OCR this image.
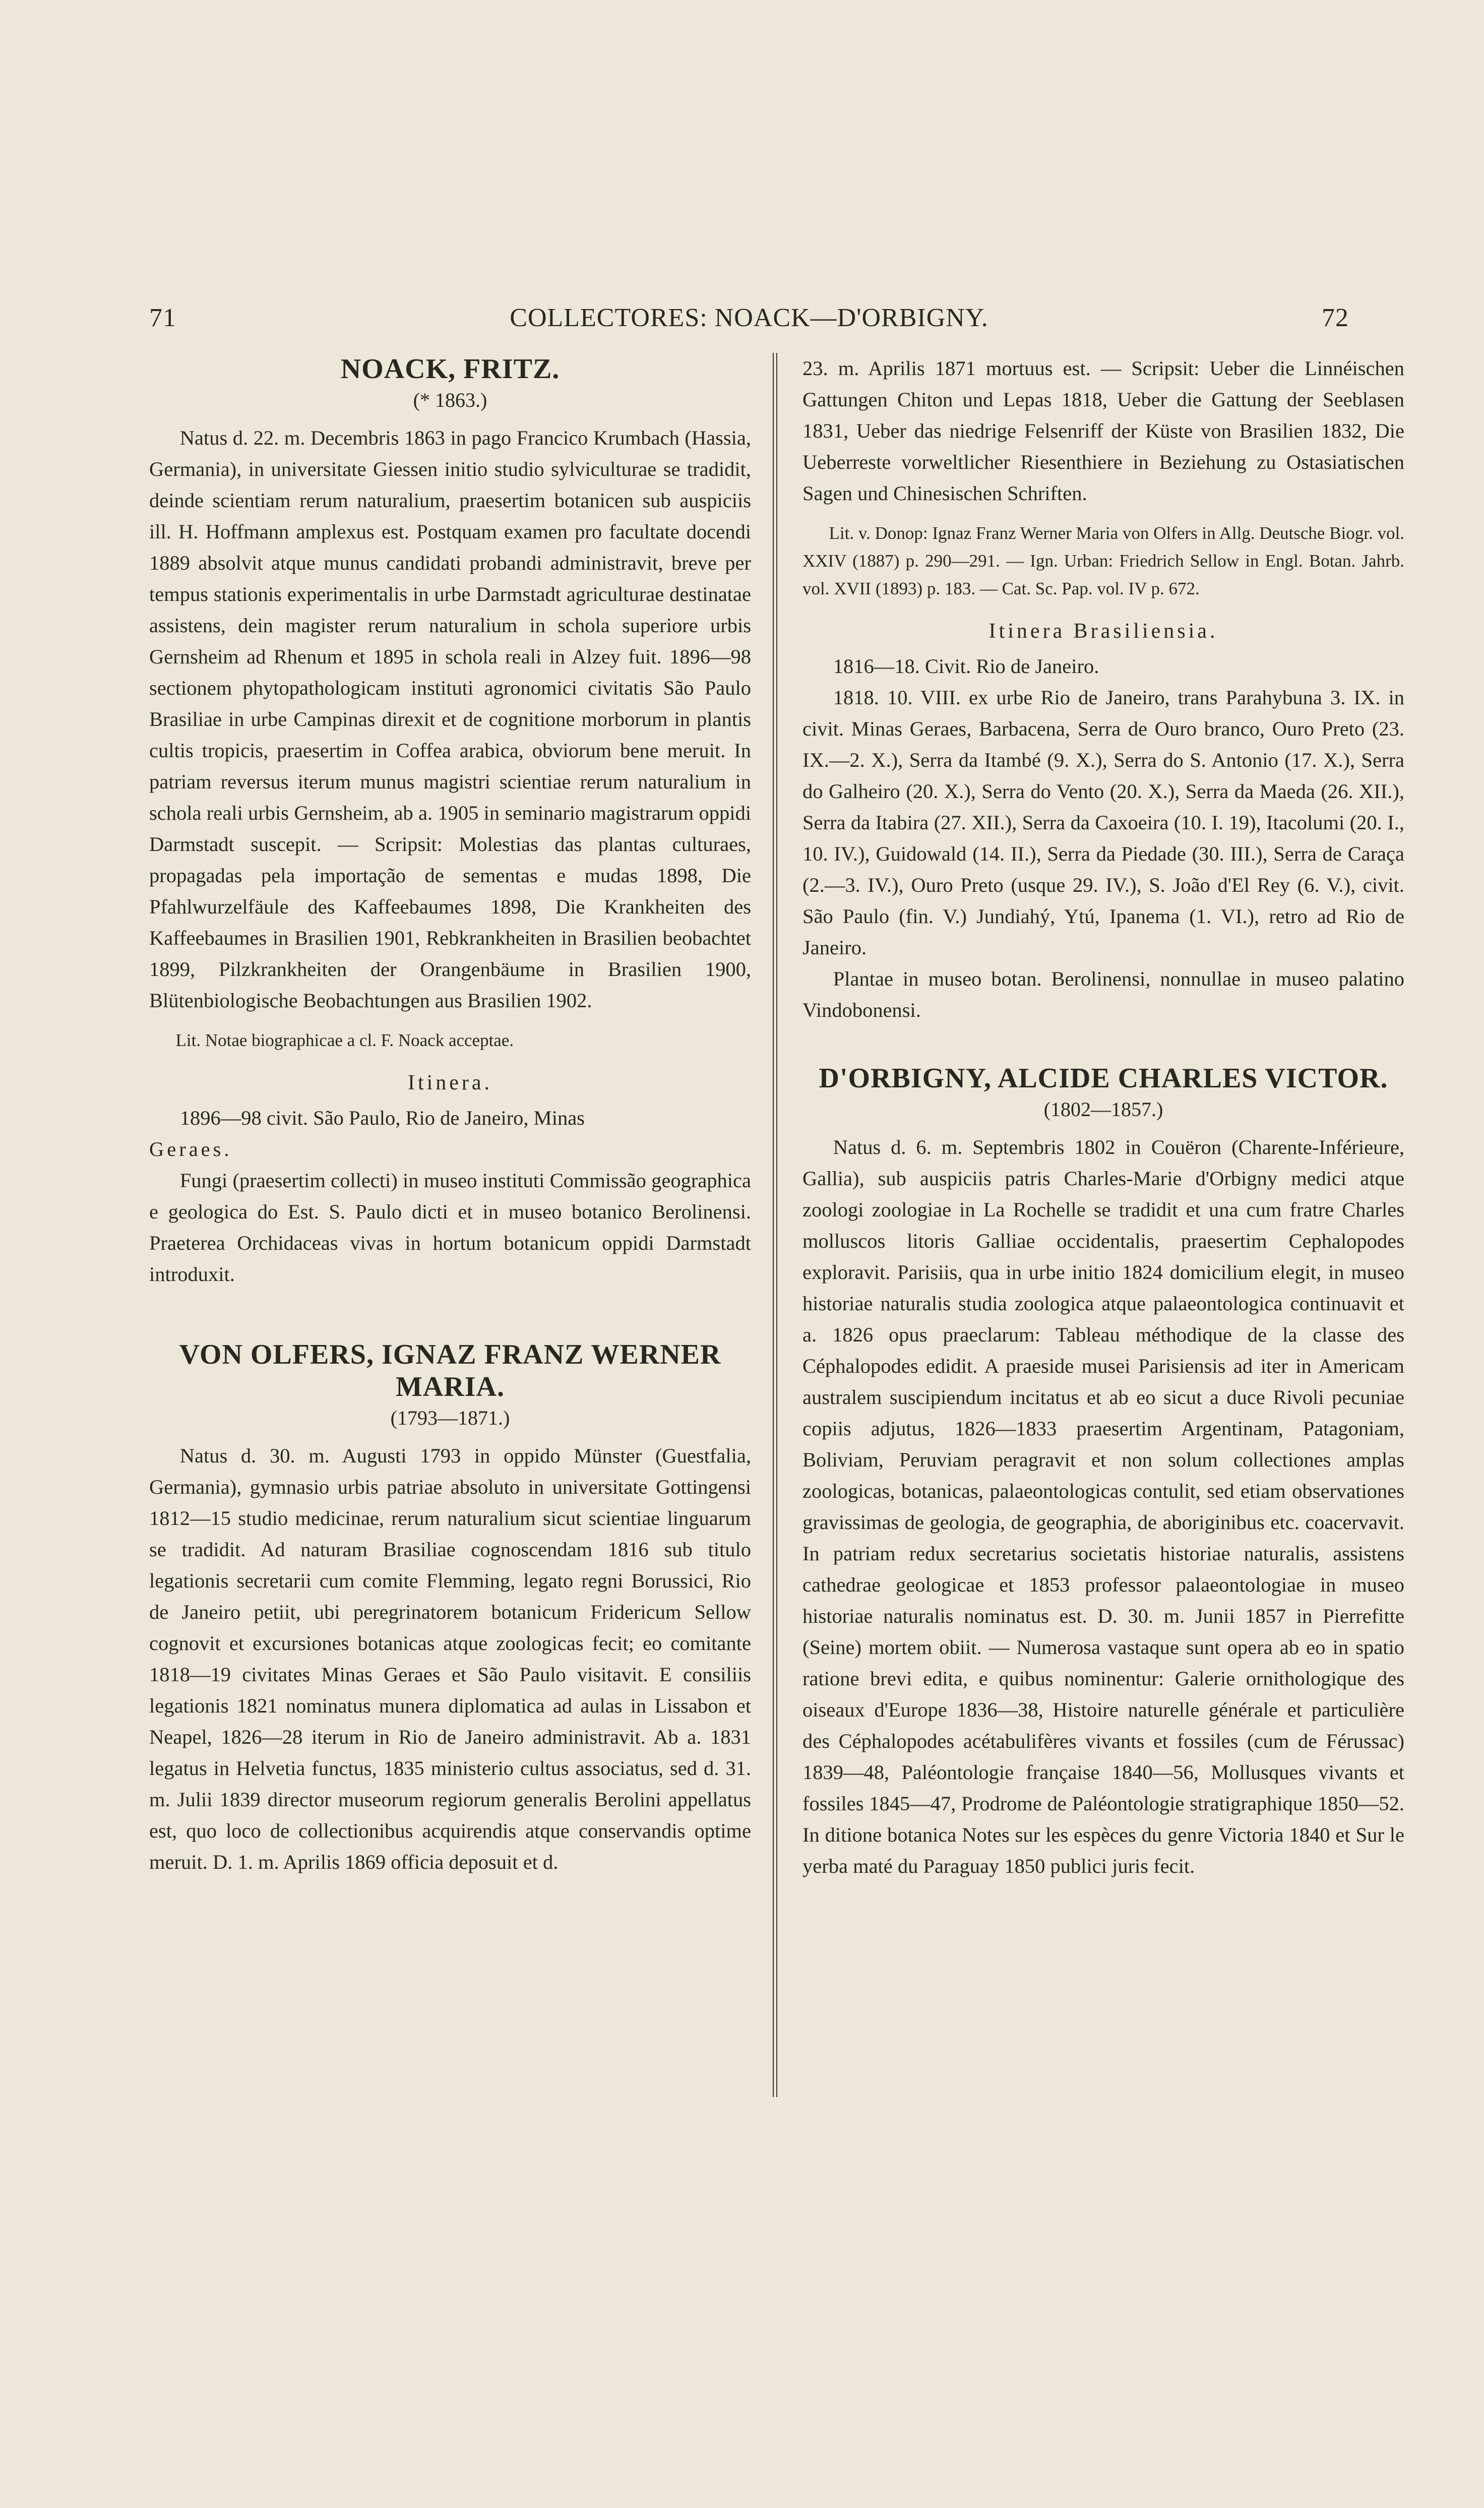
71	COLLECTORES: NOACK—D'ORBIGNY.	72
NOACK, FRITZ.
(* 1863.)

Natus d. 22. m. Decembris 1863 in pago Francico Krumbach (Hassia, Germania), in universitate Giessen initio studio sylviculturae se tradidit, deinde scientiam rerum naturalium, praesertim botanicen sub auspiciis ill. H. Hoffmann amplexus est. Postquam examen pro facultate docendi 1889 absolvit atque munus candidati probandi administravit, breve per tempus stationis experimentalis in urbe Darmstadt agriculturae destinatae assistens, dein magister rerum naturalium in schola superiore urbis Gernsheim ad Rhenum et 1895 in schola reali in Alzey fuit. 1896—98 sectionem phytopathologicam instituti agronomici civitatis São Paulo Brasiliae in urbe Campinas direxit et de cognitione morborum in plantis cultis tropicis, praesertim in Coffea arabica, obviorum bene meruit. In patriam reversus iterum munus magistri scientiae rerum naturalium in schola reali urbis Gernsheim, ab a. 1905 in seminario magistrarum oppidi Darmstadt suscepit. — Scripsit: Molestias das plantas culturaes, propagadas pela importação de sementas e mudas 1898, Die Pfahlwurzelfäule des Kaffeebaumes 1898, Die Krankheiten des Kaffeebaumes in Brasilien 1901, Rebkrankheiten in Brasilien beobachtet 1899, Pilzkrankheiten der Orangenbäume in Brasilien 1900, Blütenbiologische Beobachtungen aus Brasilien 1902.

Lit. Notae biographicae a cl. F. Noack acceptae.

Itinera.

1896—98 civit. São Paulo, Rio de Janeiro, Minas

Geraes.

Fungi (praesertim collecti) in museo instituti Commissão geographica e geologica do Est. S. Paulo dicti et in museo botanico Berolinensi. Praeterea Orchidaceas vivas in hortum botanicum oppidi Darmstadt introduxit.

VON OLFERS, IGNAZ FRANZ WERNER
MARIA.
(1793—1871.)

Natus d. 30. m. Augusti 1793 in oppido Münster (Guestfalia, Germania), gymnasio urbis patriae absoluto in universitate Gottingensi 1812—15 studio medicinae, rerum naturalium sicut scientiae linguarum se tradidit. Ad naturam Brasiliae cognoscendam 1816 sub titulo legationis secretarii cum comite Flemming, legato regni Borussici, Rio de Janeiro petiit, ubi peregrinatorem botanicum Fridericum Sellow cognovit et excursiones botanicas atque zoologicas fecit; eo comitante 1818—19 civitates Minas Geraes et São Paulo visitavit. E consiliis legationis 1821 nominatus munera diplomatica ad aulas in Lissabon et Neapel, 1826—28 iterum in Rio de Janeiro administravit. Ab a. 1831 legatus in Helvetia functus, 1835 ministerio cultus associatus, sed d. 31. m. Julii 1839 director museorum regiorum generalis Berolini appellatus est, quo loco de collectionibus acquirendis atque conservandis optime meruit. D. 1. m. Aprilis 1869 officia deposuit et d.

23. m. Aprilis 1871 mortuus est. — Scripsit: Ueber die Linnéischen Gattungen Chiton und Lepas 1818, Ueber die Gattung der Seeblasen 1831, Ueber das niedrige Felsenriff der Küste von Brasilien 1832, Die Ueberreste vorweltlicher Riesenthiere in Beziehung zu Ostasiatischen Sagen und Chinesischen Schriften.

Lit. v. Donop: Ignaz Franz Werner Maria von Olfers in Allg. Deutsche Biogr. vol. XXIV (1887) p. 290—291. — Ign. Urban: Friedrich Sellow in Engl. Botan. Jahrb. vol. XVII (1893) p. 183. — Cat. Sc. Pap. vol. IV p. 672.

Itinera Brasiliensia.

1816—18. Civit. Rio de Janeiro.

1818. 10. VIII. ex urbe Rio de Janeiro, trans Parahybuna 3. IX. in civit. Minas Geraes, Barbacena, Serra de Ouro branco, Ouro Preto (23. IX.—2. X.), Serra da Itambé (9. X.), Serra do S. Antonio (17. X.), Serra do Galheiro (20. X.), Serra do Vento (20. X.), Serra da Maeda (26. XII.), Serra da Itabira (27. XII.), Serra da Caxoeira (10. I. 19), Itacolumi (20. I., 10. IV.), Guidowald (14. II.), Serra da Piedade (30. III.), Serra de Caraça (2.—3. IV.), Ouro Preto (usque 29. IV.), S. João d'El Rey (6. V.), civit. São Paulo (fin. V.) Jundiahý, Ytú, Ipanema (1. VI.), retro ad Rio de Janeiro.

Plantae in museo botan. Berolinensi, nonnullae in museo palatino Vindobonensi.

D'ORBIGNY, ALCIDE CHARLES VICTOR.
(1802—1857.)

Natus d. 6. m. Septembris 1802 in Couëron (Charente-Inférieure, Gallia), sub auspiciis patris Charles-Marie d'Orbigny medici atque zoologi zoologiae in La Rochelle se tradidit et una cum fratre Charles molluscos litoris Galliae occidentalis, praesertim Cephalopodes exploravit. Parisiis, qua in urbe initio 1824 domicilium elegit, in museo historiae naturalis studia zoologica atque palaeontologica continuavit et a. 1826 opus praeclarum: Tableau méthodique de la classe des Céphalopodes edidit. A praeside musei Parisiensis ad iter in Americam australem suscipiendum incitatus et ab eo sicut a duce Rivoli pecuniae copiis adjutus, 1826—1833 praesertim Argentinam, Patagoniam, Boliviam, Peruviam peragravit et non solum collectiones amplas zoologicas, botanicas, palaeontologicas contulit, sed etiam observationes gravissimas de geologia, de geographia, de aboriginibus etc. coacervavit. In patriam redux secretarius societatis historiae naturalis, assistens cathedrae geologicae et 1853 professor palaeontologiae in museo historiae naturalis nominatus est. D. 30. m. Junii 1857 in Pierrefitte (Seine) mortem obiit. — Numerosa vastaque sunt opera ab eo in spatio ratione brevi edita, e quibus nominentur: Galerie ornithologique des oiseaux d'Europe 1836—38, Histoire naturelle générale et particulière des Céphalopodes acétabulifères vivants et fossiles (cum de Férussac) 1839—48, Paléontologie française 1840—56, Mollusques vivants et fossiles 1845—47, Prodrome de Paléontologie stratigraphique 1850—52. In ditione botanica Notes sur les espèces du genre Victoria 1840 et Sur le yerba maté du Paraguay 1850 publici juris fecit.
